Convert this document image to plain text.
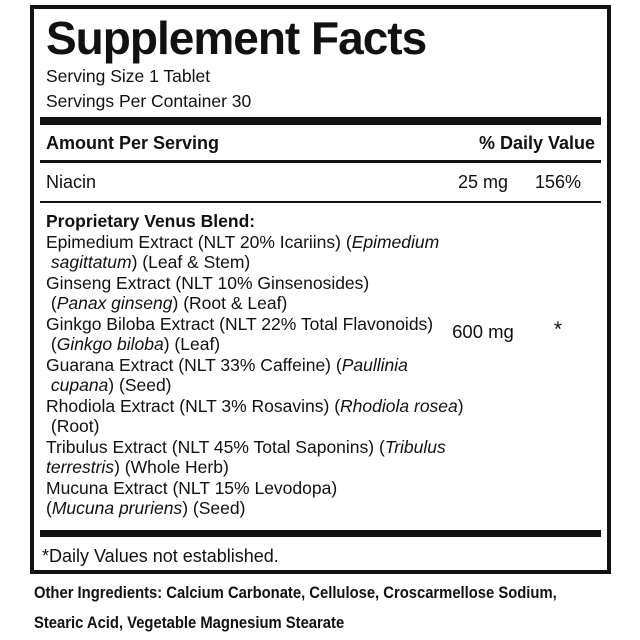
Supplement Facts
Serving Size 1 Tablet
Servings Per Container 30
Amount Per Serving	% Daily Value
Niacin	25 mg	156%
Proprietary Venus Blend:
Epimedium Extract (NLT 20% Icariins) (Epimedium
sagittatum) (Leaf & Stem)
Ginseng Extract (NLT 10% Ginsenosides)
(Panax ginseng) (Root & Leaf)
Ginkgo Biloba Extract (NLT 22% Total Flavonoids)
(Ginkgo biloba) (Leaf)
Guarana Extract (NLT 33% Caffeine) (Paullinia
cupana) (Seed)
Rhodiola Extract (NLT 3% Rosavins) (Rhodiola rosea)
(Root)
Tribulus Extract (NLT 45% Total Saponins) (Tribulus
terrestris) (Whole Herb)
Mucuna Extract (NLT 15% Levodopa)
(Mucuna pruriens) (Seed)
600 mg	*
*Daily Values not established.
Other Ingredients: Calcium Carbonate, Cellulose, Croscarmellose Sodium,
Stearic Acid, Vegetable Magnesium Stearate
